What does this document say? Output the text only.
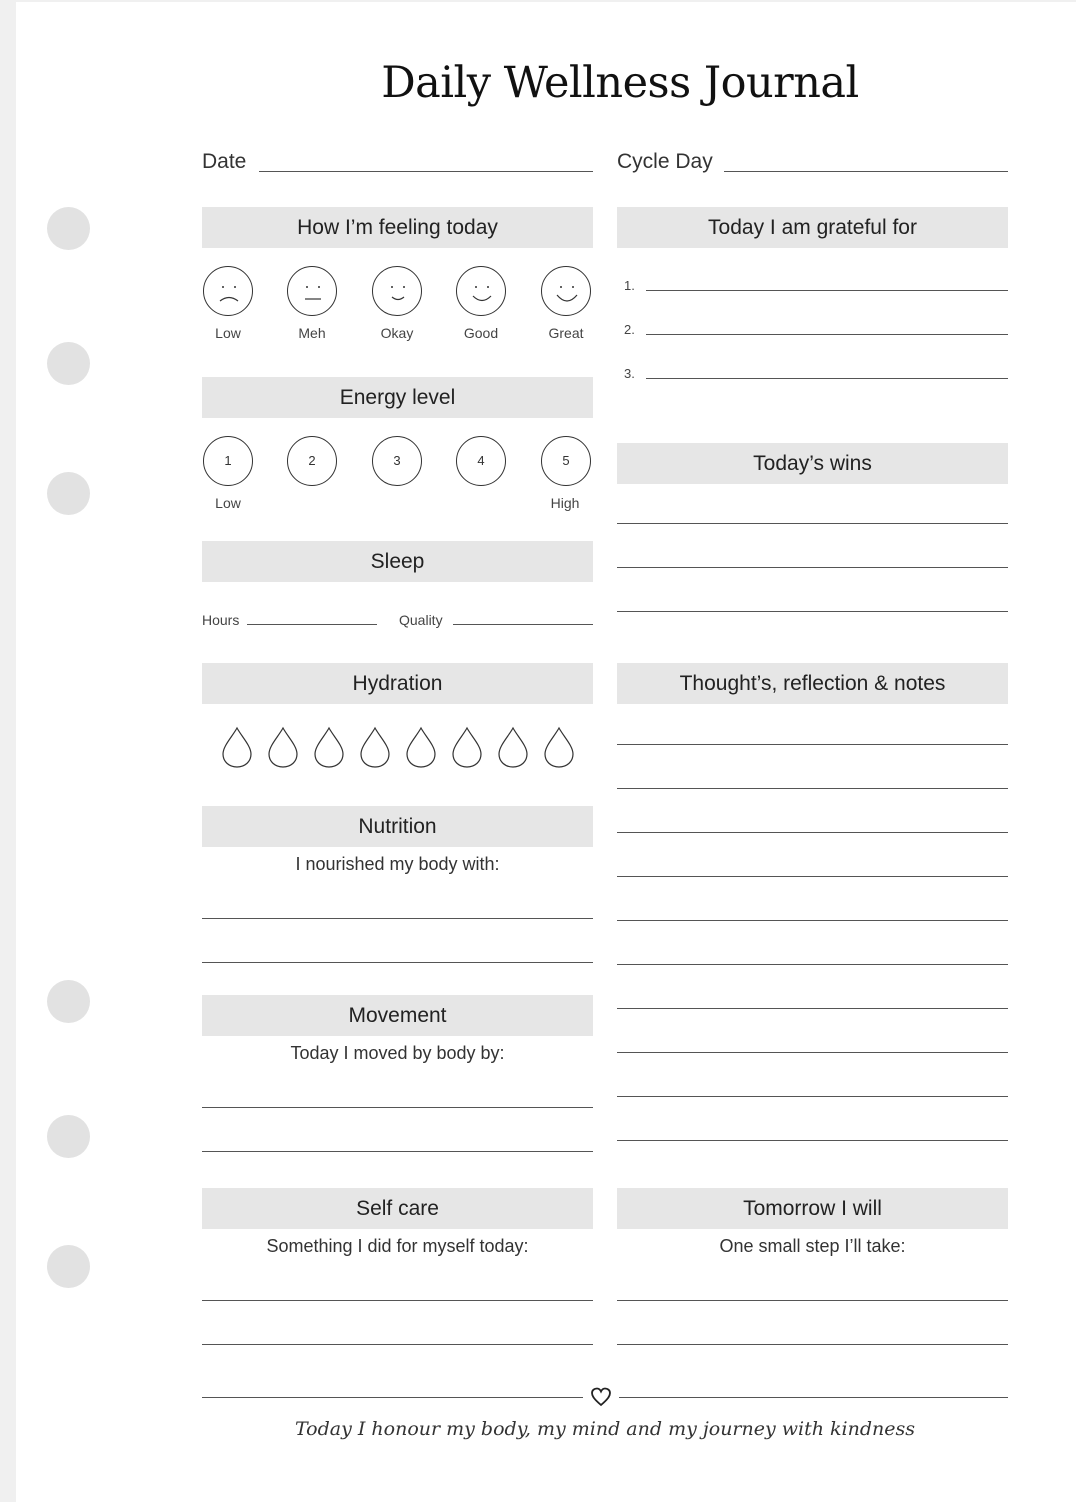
Daily Wellness Journal
Date	Cycle Day
How I’m feeling today
Low	Meh	Okay	Good	Great
Energy level
1	2	3	4	5
Low	High
Sleep
Hours	Quality
Hydration
Nutrition
I nourished my body with:
Movement
Today I moved by body by:
Self care
Something I did for myself today:
Today I am grateful for
1.
2.
3.
Today’s wins
Thought’s, reflection & notes
Tomorrow I will
One small step I’ll take:
Today I honour my body, my mind and my journey with kindness
